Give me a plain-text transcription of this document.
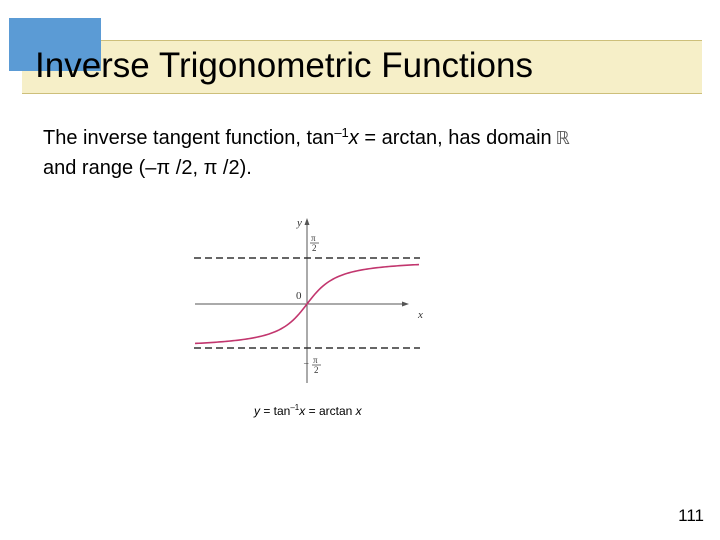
Inverse Trigonometric Functions
The inverse tangent function, $\tan^{-1}x = \arctan$, has domain ℝ
and range (–π /2, π /2).
y
x
0
π
2
– π
2
$y = \tan^{-1}x = \arctan x$
111
